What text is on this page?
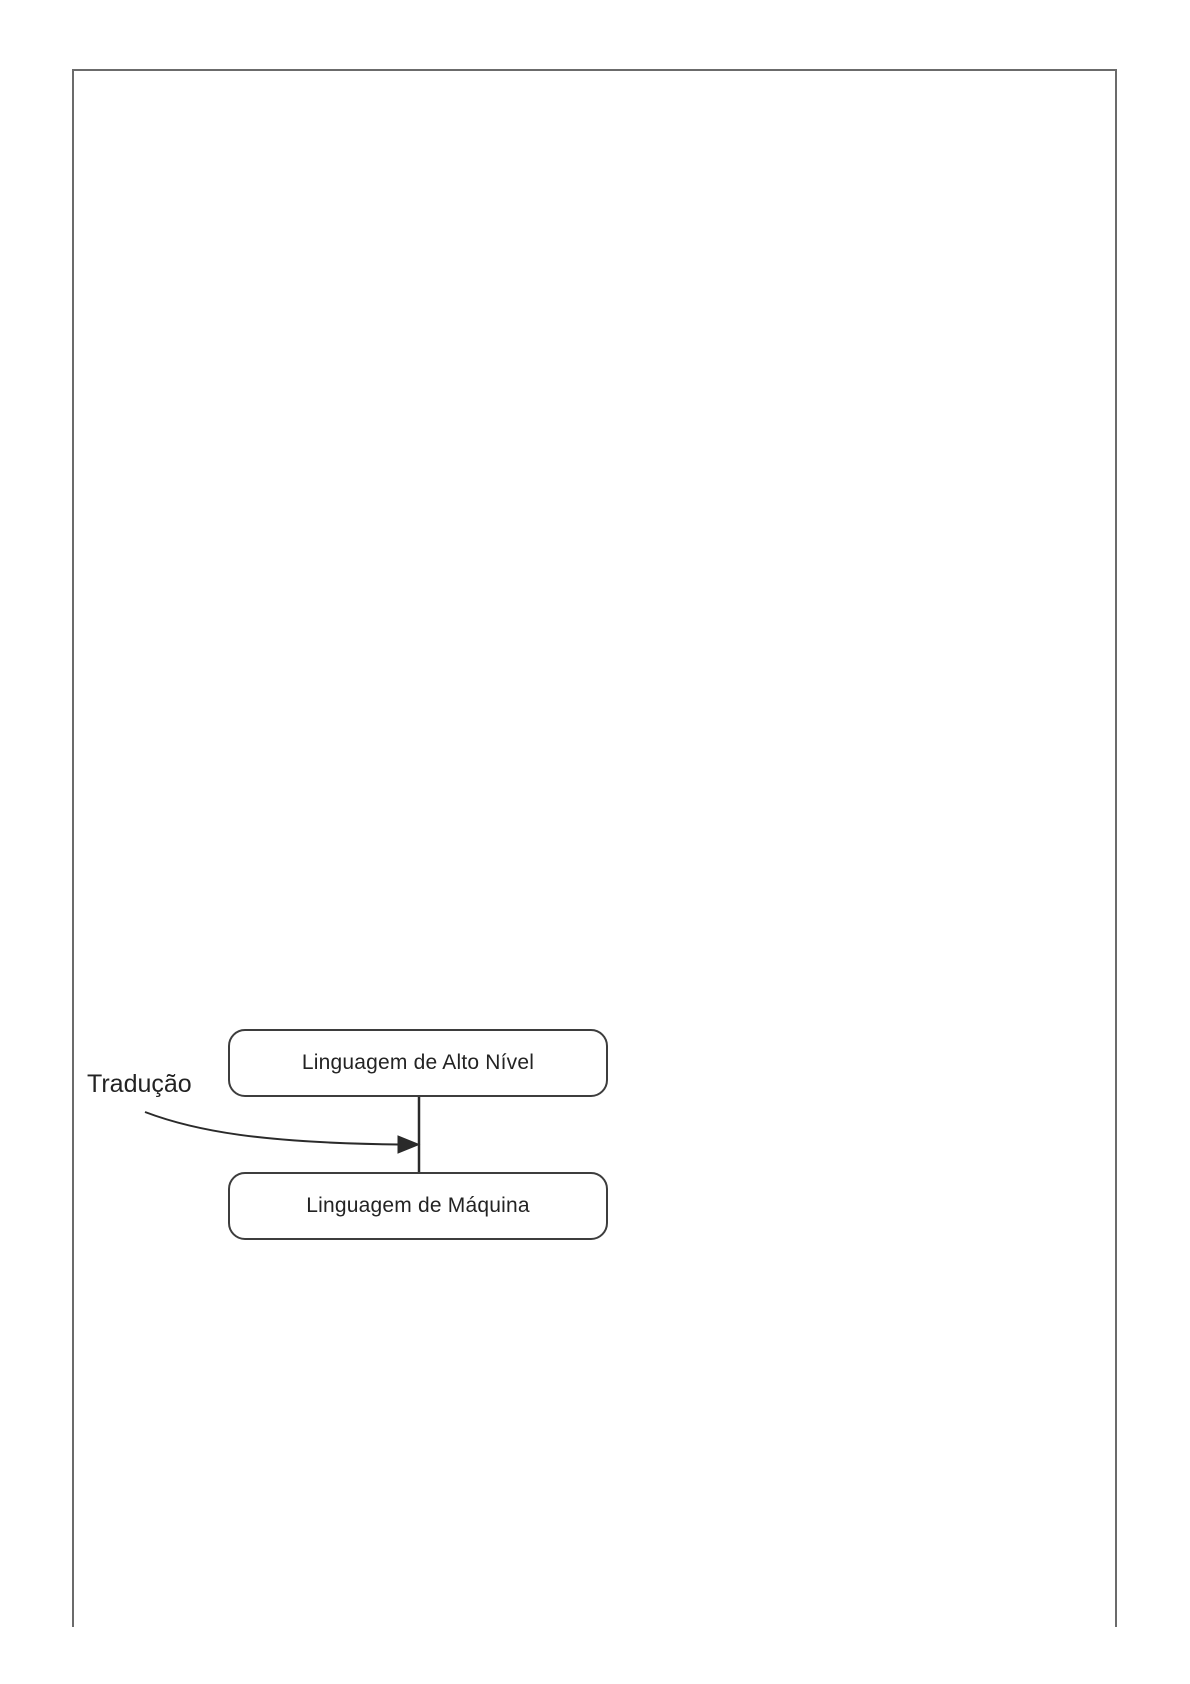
Linguagem de Alto Nível
Linguagem de Máquina
Tradução
